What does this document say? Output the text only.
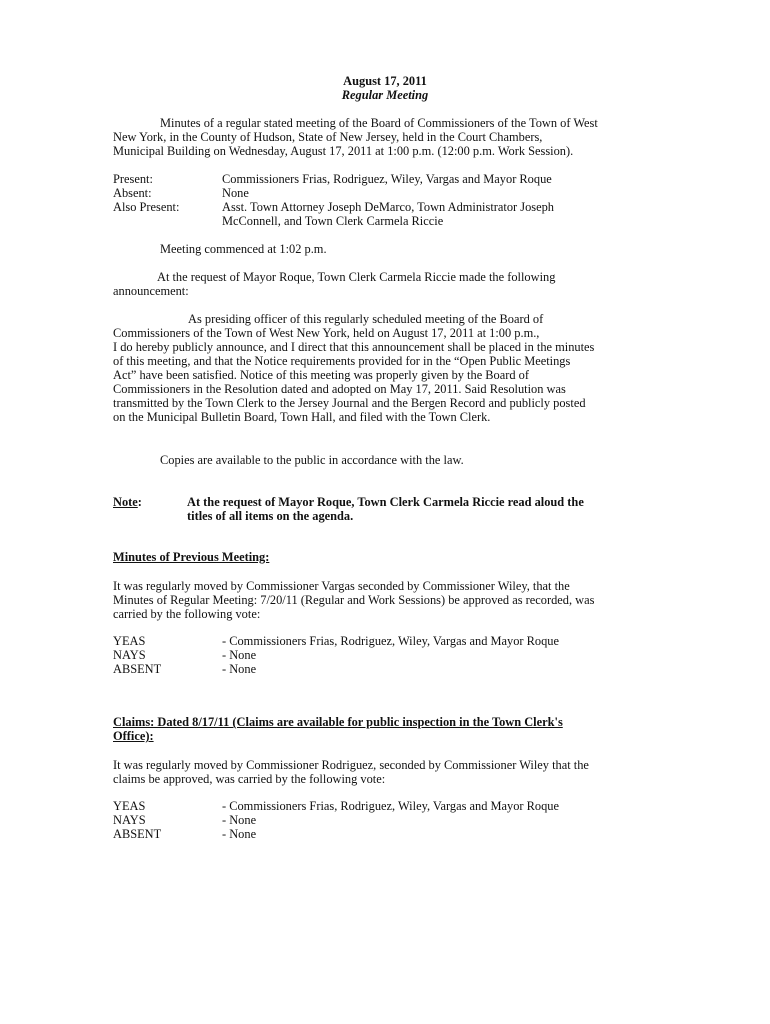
August 17, 2011
Regular Meeting
Minutes of a regular stated meeting of the Board of Commissioners of the Town of West
New York, in the County of Hudson, State of New Jersey, held in the Court Chambers,
Municipal Building on Wednesday, August 17, 2011 at 1:00 p.m. (12:00 p.m. Work Session).
Present:	Commissioners Frias, Rodriguez, Wiley, Vargas and Mayor Roque
Absent:	None
Also Present:	Asst. Town Attorney Joseph DeMarco, Town Administrator Joseph
McConnell, and Town Clerk Carmela Riccie
Meeting commenced at 1:02 p.m.
At the request of Mayor Roque, Town Clerk Carmela Riccie made the following
announcement:
As presiding officer of this regularly scheduled meeting of the Board of
Commissioners of the Town of West New York, held on August 17, 2011 at 1:00 p.m.,
I do hereby publicly announce, and I direct that this announcement shall be placed in the minutes
of this meeting, and that the Notice requirements provided for in the “Open Public Meetings
Act” have been satisfied. Notice of this meeting was properly given by the Board of
Commissioners in the Resolution dated and adopted on May 17, 2011. Said Resolution was
transmitted by the Town Clerk to the Jersey Journal and the Bergen Record and publicly posted
on the Municipal Bulletin Board, Town Hall, and filed with the Town Clerk.
Copies are available to the public in accordance with the law.
Note:	At the request of Mayor Roque, Town Clerk Carmela Riccie read aloud the
titles of all items on the agenda.
Minutes of Previous Meeting:
It was regularly moved by Commissioner Vargas seconded by Commissioner Wiley, that the
Minutes of Regular Meeting: 7/20/11 (Regular and Work Sessions) be approved as recorded, was
carried by the following vote:
YEAS	- Commissioners Frias, Rodriguez, Wiley, Vargas and Mayor Roque
NAYS	- None
ABSENT	- None
Claims: Dated 8/17/11 (Claims are available for public inspection in the Town Clerk's
Office):
It was regularly moved by Commissioner Rodriguez, seconded by Commissioner Wiley that the
claims be approved, was carried by the following vote:
YEAS	- Commissioners Frias, Rodriguez, Wiley, Vargas and Mayor Roque
NAYS	- None
ABSENT	- None
